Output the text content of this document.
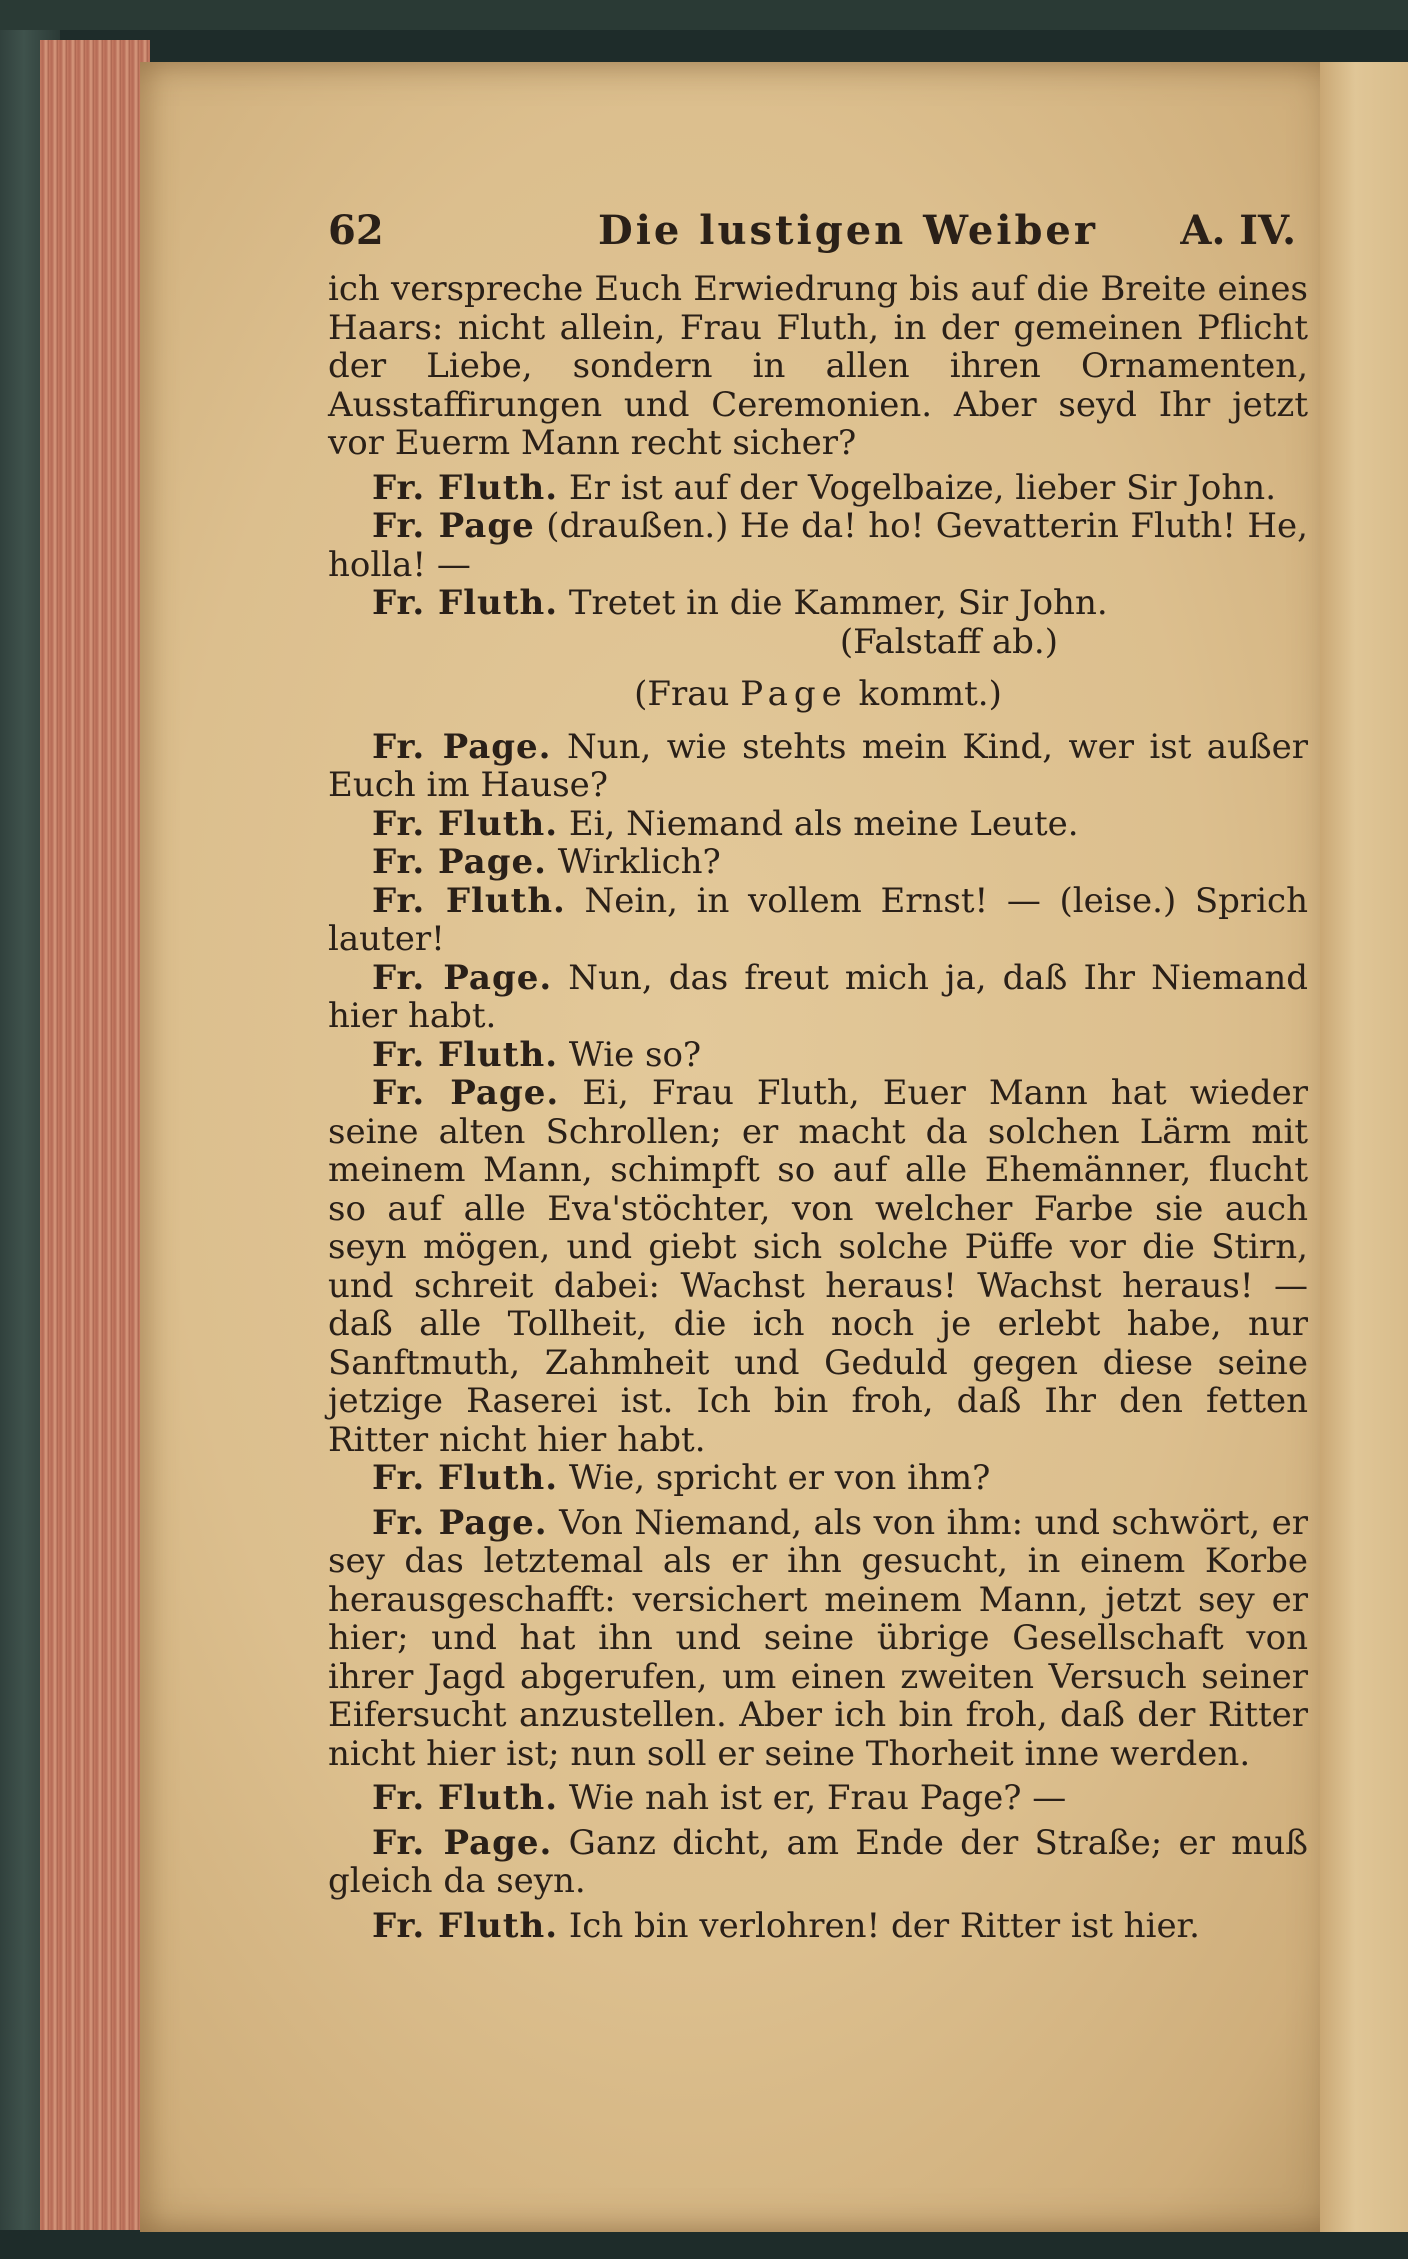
62	Die lustigen Weiber A. IV.

ich verspreche Euch Erwiedrung bis auf die Breite eines Haars: nicht allein, Frau Fluth, in der gemeinen Pflicht der Liebe, sondern in allen ihren Ornamenten, Ausstaffirungen und Ceremonien. Aber seyd Ihr jetzt vor Euerm Mann recht sicher?

Fr. Fluth. Er ist auf der Vogelbaize, lieber Sir John.

Fr. Page (draußen.) He da! ho! Gevatterin Fluth! He, holla! —

Fr. Fluth. Tretet in die Kammer, Sir John.

(Falstaff ab.)

(Frau Page kommt.)

Fr. Page. Nun, wie stehts mein Kind, wer ist außer Euch im Hause?

Fr. Fluth. Ei, Niemand als meine Leute.

Fr. Page. Wirklich?

Fr. Fluth. Nein, in vollem Ernst! — (leise.) Sprich lauter!

Fr. Page. Nun, das freut mich ja, daß Ihr Niemand hier habt.

Fr. Fluth. Wie so?

Fr. Page. Ei, Frau Fluth, Euer Mann hat wieder seine alten Schrollen; er macht da solchen Lärm mit meinem Mann, schimpft so auf alle Ehemänner, flucht so auf alle Eva'stöchter, von welcher Farbe sie auch seyn mögen, und giebt sich solche Püffe vor die Stirn, und schreit dabei: Wachst heraus! Wachst heraus! — daß alle Tollheit, die ich noch je erlebt habe, nur Sanftmuth, Zahmheit und Geduld gegen diese seine jetzige Raserei ist. Ich bin froh, daß Ihr den fetten Ritter nicht hier habt.

Fr. Fluth. Wie, spricht er von ihm?

Fr. Page. Von Niemand, als von ihm: und schwört, er sey das letztemal als er ihn gesucht, in einem Korbe herausgeschafft: versichert meinem Mann, jetzt sey er hier; und hat ihn und seine übrige Gesellschaft von ihrer Jagd abgerufen, um einen zweiten Versuch seiner Eifersucht anzustellen. Aber ich bin froh, daß der Ritter nicht hier ist; nun soll er seine Thorheit inne werden.

Fr. Fluth. Wie nah ist er, Frau Page? —

Fr. Page. Ganz dicht, am Ende der Straße; er muß gleich da seyn.

Fr. Fluth. Ich bin verlohren! der Ritter ist hier.
